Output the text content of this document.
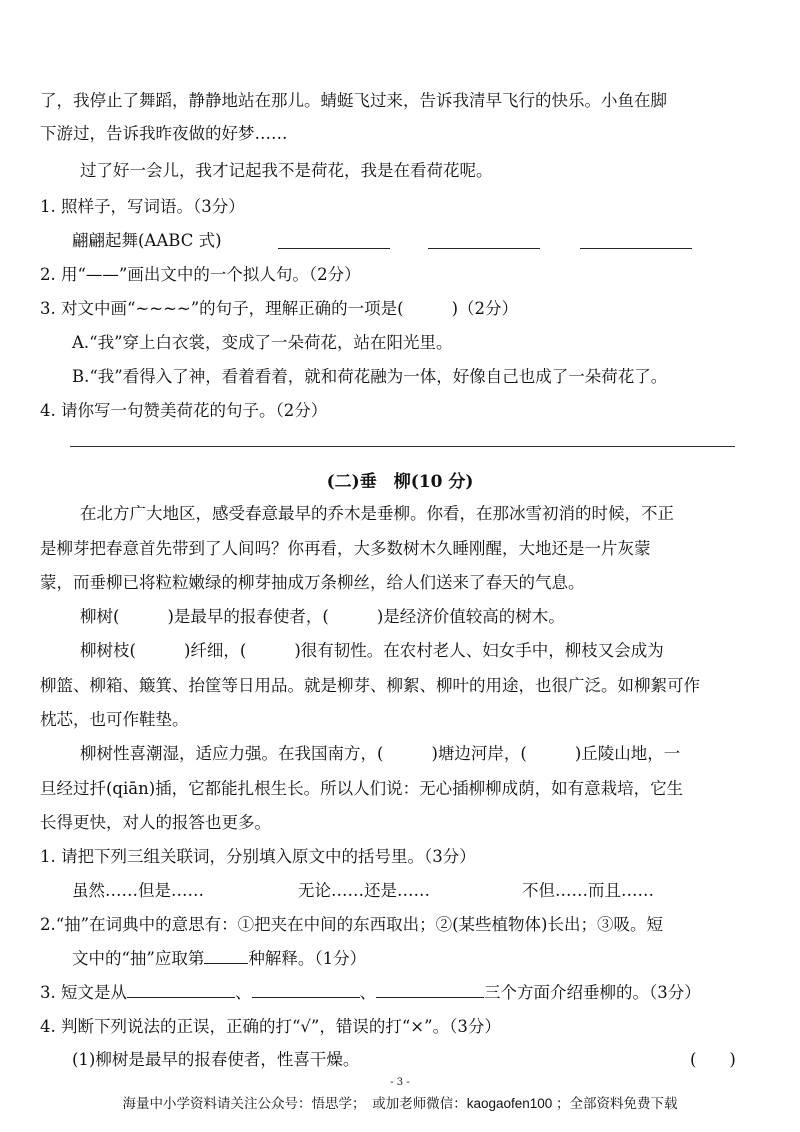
了，我停止了舞蹈，静静地站在那儿。蜻蜓飞过来，告诉我清早飞行的快乐。小鱼在脚
下游过，告诉我昨夜做的好梦……
过了好一会儿，我才记起我不是荷花，我是在看荷花呢。
1. 照样子，写词语。（3分）
翩翩起舞(AABC 式)
2. 用“——”画出文中的一个拟人句。（2分）
3. 对文中画“~~~~”的句子，理解正确的一项是(	)（2分）
A.“我”穿上白衣裳，变成了一朵荷花，站在阳光里。
B.“我”看得入了神，看着看着，就和荷花融为一体，好像自己也成了一朵荷花了。
4. 请你写一句赞美荷花的句子。（2分）
(二)垂　柳(10 分)
在北方广大地区，感受春意最早的乔木是垂柳。你看，在那冰雪初消的时候，不正
是柳芽把春意首先带到了人间吗？你再看，大多数树木久睡刚醒，大地还是一片灰蒙
蒙，而垂柳已将粒粒嫩绿的柳芽抽成万条柳丝，给人们送来了春天的气息。
柳树(	)是最早的报春使者，(	)是经济价值较高的树木。
柳树枝(	)纤细，(	)很有韧性。在农村老人、妇女手中，柳枝又会成为
柳篮、柳箱、簸箕、抬筐等日用品。就是柳芽、柳絮、柳叶的用途，也很广泛。如柳絮可作
枕芯，也可作鞋垫。
柳树性喜潮湿，适应力强。在我国南方，(	)塘边河岸，(	)丘陵山地，一
旦经过扦(qiān)插，它都能扎根生长。所以人们说：无心插柳柳成荫，如有意栽培，它生
长得更快，对人的报答也更多。
1. 请把下列三组关联词，分别填入原文中的括号里。（3分）
虽然……但是……	无论……还是……	不但……而且……
2.“抽”在词典中的意思有：①把夹在中间的东西取出；②(某些植物体)长出；③吸。短
文中的“抽”应取第	种解释。（1分）
3. 短文是从	、	、	三个方面介绍垂柳的。（3分）
4. 判断下列说法的正误，正确的打“√”，错误的打“×”。（3分）
(1)柳树是最早的报春使者，性喜干燥。	(　　)
- 3 -
海量中小学资料请关注公众号：悟思学；　或加老师微信：kaogaofen100 ；全部资料免费下载
